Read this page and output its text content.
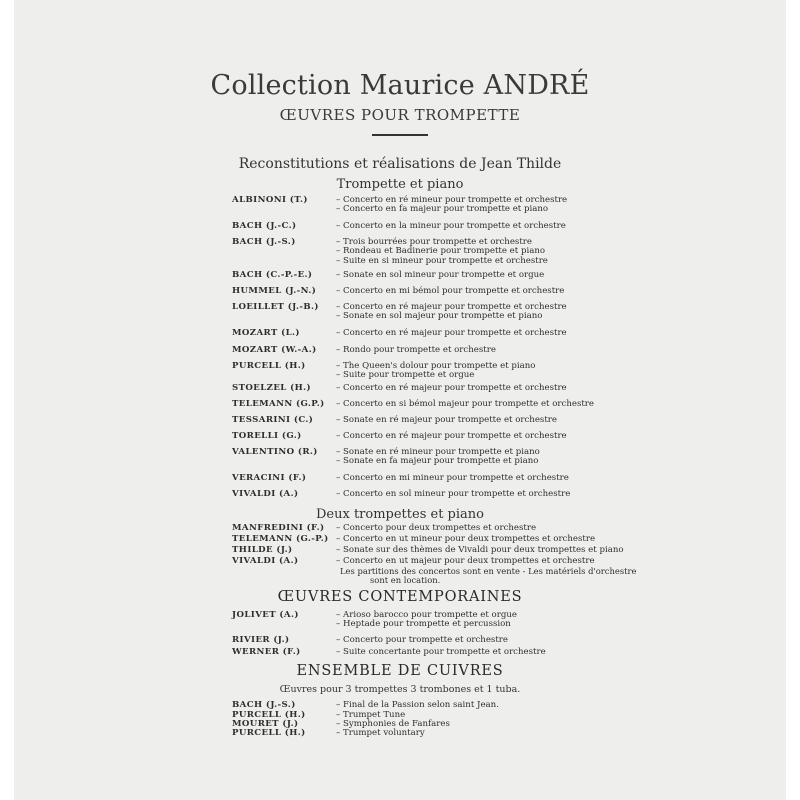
Collection Maurice ANDRÉ
ŒUVRES POUR TROMPETTE
Reconstitutions et réalisations de Jean Thilde
Trompette et piano
ALBINONI (T.)	– Concerto en ré mineur pour trompette et orchestre
– Concerto en fa majeur pour trompette et piano
BACH (J.-C.)	– Concerto en la mineur pour trompette et orchestre
BACH (J.-S.)	– Trois bourrées pour trompette et orchestre
– Rondeau et Badinerie pour trompette et piano
– Suite en si mineur pour trompette et orchestre
BACH (C.-P.-E.)	– Sonate en sol mineur pour trompette et orgue
HUMMEL (J.-N.) – Concerto en mi bémol pour trompette et orchestre
LOEILLET (J.-B.) – Concerto en ré majeur pour trompette et orchestre
– Sonate en sol majeur pour trompette et piano
MOZART (L.)	– Concerto en ré majeur pour trompette et orchestre
MOZART (W.-A.) – Rondo pour trompette et orchestre
PURCELL (H.)	– The Queen's dolour pour trompette et piano
– Suite pour trompette et orgue
STOELZEL (H.)	– Concerto en ré majeur pour trompette et orchestre
TELEMANN (G.P.) – Concerto en si bémol majeur pour trompette et orchestre
TESSARINI (C.)	– Sonate en ré majeur pour trompette et orchestre
TORELLI (G.)	– Concerto en ré majeur pour trompette et orchestre
VALENTINO (R.) – Sonate en ré mineur pour trompette et piano
– Sonate en fa majeur pour trompette et piano
VERACINI (F.)	– Concerto en mi mineur pour trompette et orchestre
VIVALDI (A.)	– Concerto en sol mineur pour trompette et orchestre
Deux trompettes et piano
MANFREDINI (F.) – Concerto pour deux trompettes et orchestre
TELEMANN (G.-P.) – Concerto en ut mineur pour deux trompettes et orchestre
THILDE (J.)	– Sonate sur des thèmes de Vivaldi pour deux trompettes et piano
VIVALDI (A.)	– Concerto en ut majeur pour deux trompettes et orchestre
Les partitions des concertos sont en vente - Les matériels d'orchestre
sont en location.
ŒUVRES CONTEMPORAINES
JOLIVET (A.)	– Arioso barocco pour trompette et orgue
– Heptade pour trompette et percussion
RIVIER (J.)	– Concerto pour trompette et orchestre
WERNER (F.)	– Suite concertante pour trompette et orchestre
ENSEMBLE DE CUIVRES
Œuvres pour 3 trompettes 3 trombones et 1 tuba.
BACH (J.-S.)	– Final de la Passion selon saint Jean.
PURCELL (H.)	– Trumpet Tune
MOURET (J.)	– Symphonies de Fanfares
PURCELL (H.)	– Trumpet voluntary
